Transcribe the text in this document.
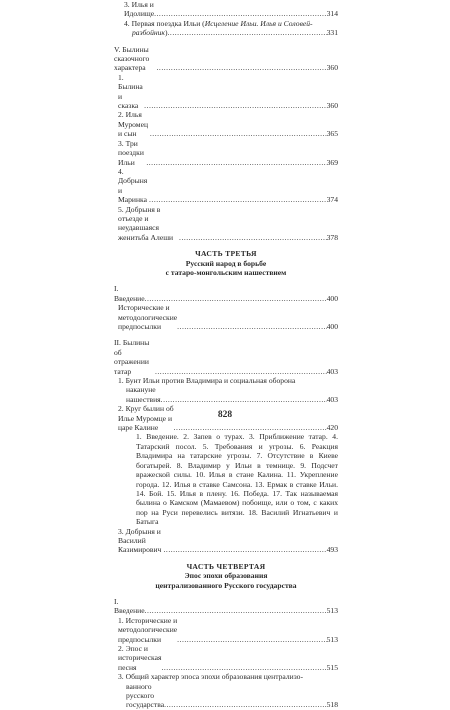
3. Илья и Идолище .....	314
4. Первая поездка Ильи (Исцеление Ильи. Илья и Соловей-
разбойник) .....	331
V. Былины сказочного характера .....	360
1. Былина и сказка .....	360
2. Илья Муромец и сын .....	365
3. Три поездки Ильи .....	369
4. Добрыня и Маринка .....	374
5. Добрыня в отъезде и неудавшаяся женитьба Алеши .....	378
ЧАСТЬ ТРЕТЬЯ
Русский народ в борьбе
с татаро-монгольским нашествием
I. Введение .....	400
Исторические и методологические предпосылки .....	400
II. Былины об отражении татар .....	403
1. Бунт Ильи против Владимира и социальная оборона
накануне нашествия .....	403
2. Круг былин об Илье Муромце и царе Калине .....	420
1. Введение. 2. Запев о турах. 3. Приближение татар. 4. Татарский посол. 5. Требования и угрозы. 6. Реакция Владимира на татарские угрозы. 7. Отсутствие в Киеве богатырей. 8. Владимир у Ильи в темнице. 9. Подсчет вражеской силы. 10. Илья в стане Калина. 11. Укрепление города. 12. Илья в ставке Самсона. 13. Ермак в ставке Ильи. 14. Бой. 15. Илья в плену. 16. Победа. 17. Так называемая былина о Камском (Мамаевом) побоище, или о том, с каких пор на Руси перевелись витязи. 18. Василий Игнатьевич и Батыга
3. Добрыня и Василий Казимирович .....	493
ЧАСТЬ ЧЕТВЕРТАЯ
Эпос эпохи образования
централизованного Русского государства
I. Введение .....	513
1. Исторические и методологические предпосылки .....	513
2. Эпос и историческая песня .....	515
3. Общий характер эпоса эпохи образования централизо-
ванного русского государства .....	518
828
